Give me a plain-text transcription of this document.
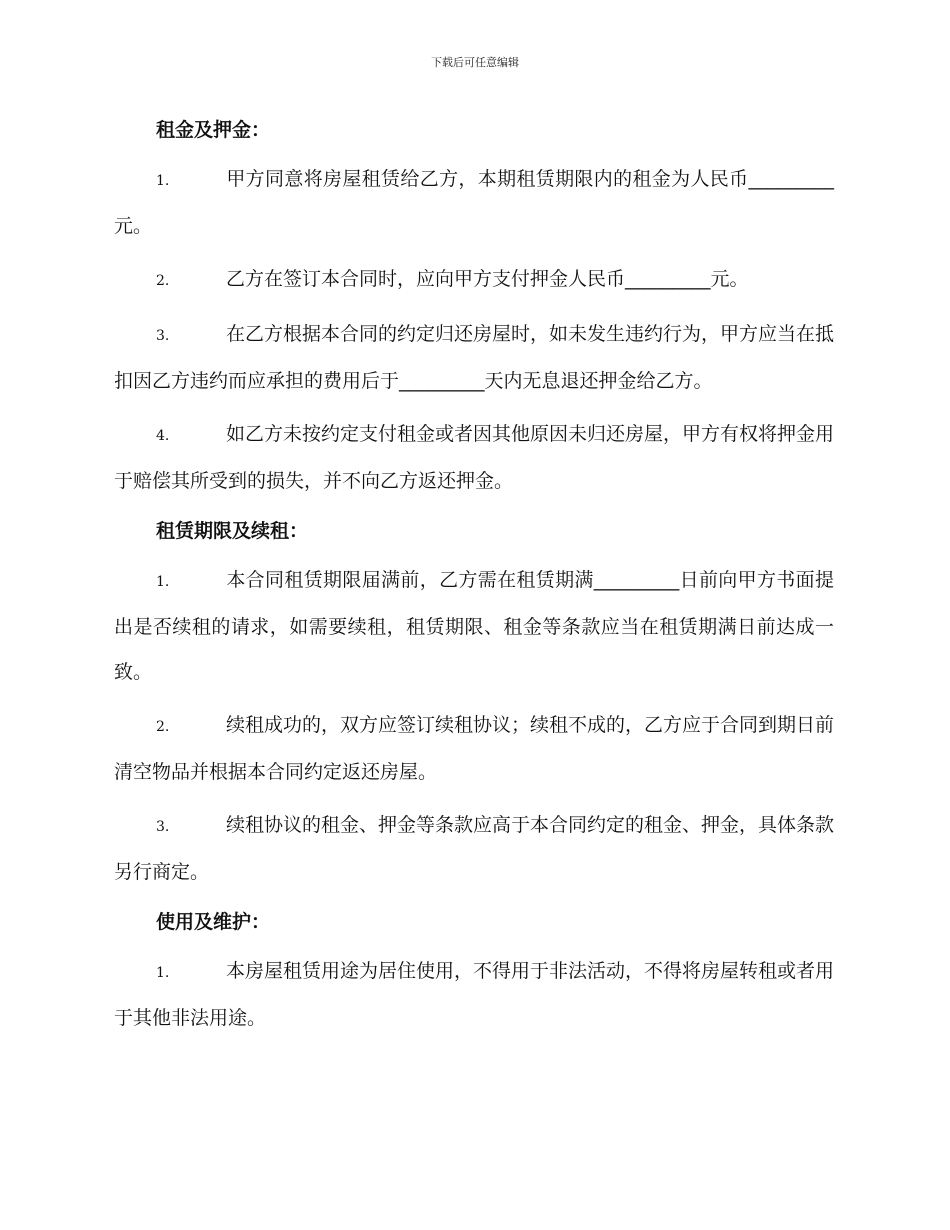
下载后可任意编辑

租金及押金：

1.	甲方同意将房屋租赁给乙方，本期租赁期限内的租金为人民币_________元。

2.	乙方在签订本合同时，应向甲方支付押金人民币_________元。

3.	在乙方根据本合同的约定归还房屋时，如未发生违约行为，甲方应当在抵扣因乙方违约而应承担的费用后于_________天内无息退还押金给乙方。

4.	如乙方未按约定支付租金或者因其他原因未归还房屋，甲方有权将押金用于赔偿其所受到的损失，并不向乙方返还押金。

租赁期限及续租：

1.	本合同租赁期限届满前，乙方需在租赁期满_________日前向甲方书面提出是否续租的请求，如需要续租，租赁期限、租金等条款应当在租赁期满日前达成一致。

2.	续租成功的，双方应签订续租协议；续租不成的，乙方应于合同到期日前清空物品并根据本合同约定返还房屋。

3.	续租协议的租金、押金等条款应高于本合同约定的租金、押金，具体条款另行商定。

使用及维护：

1.	本房屋租赁用途为居住使用，不得用于非法活动，不得将房屋转租或者用于其他非法用途。
